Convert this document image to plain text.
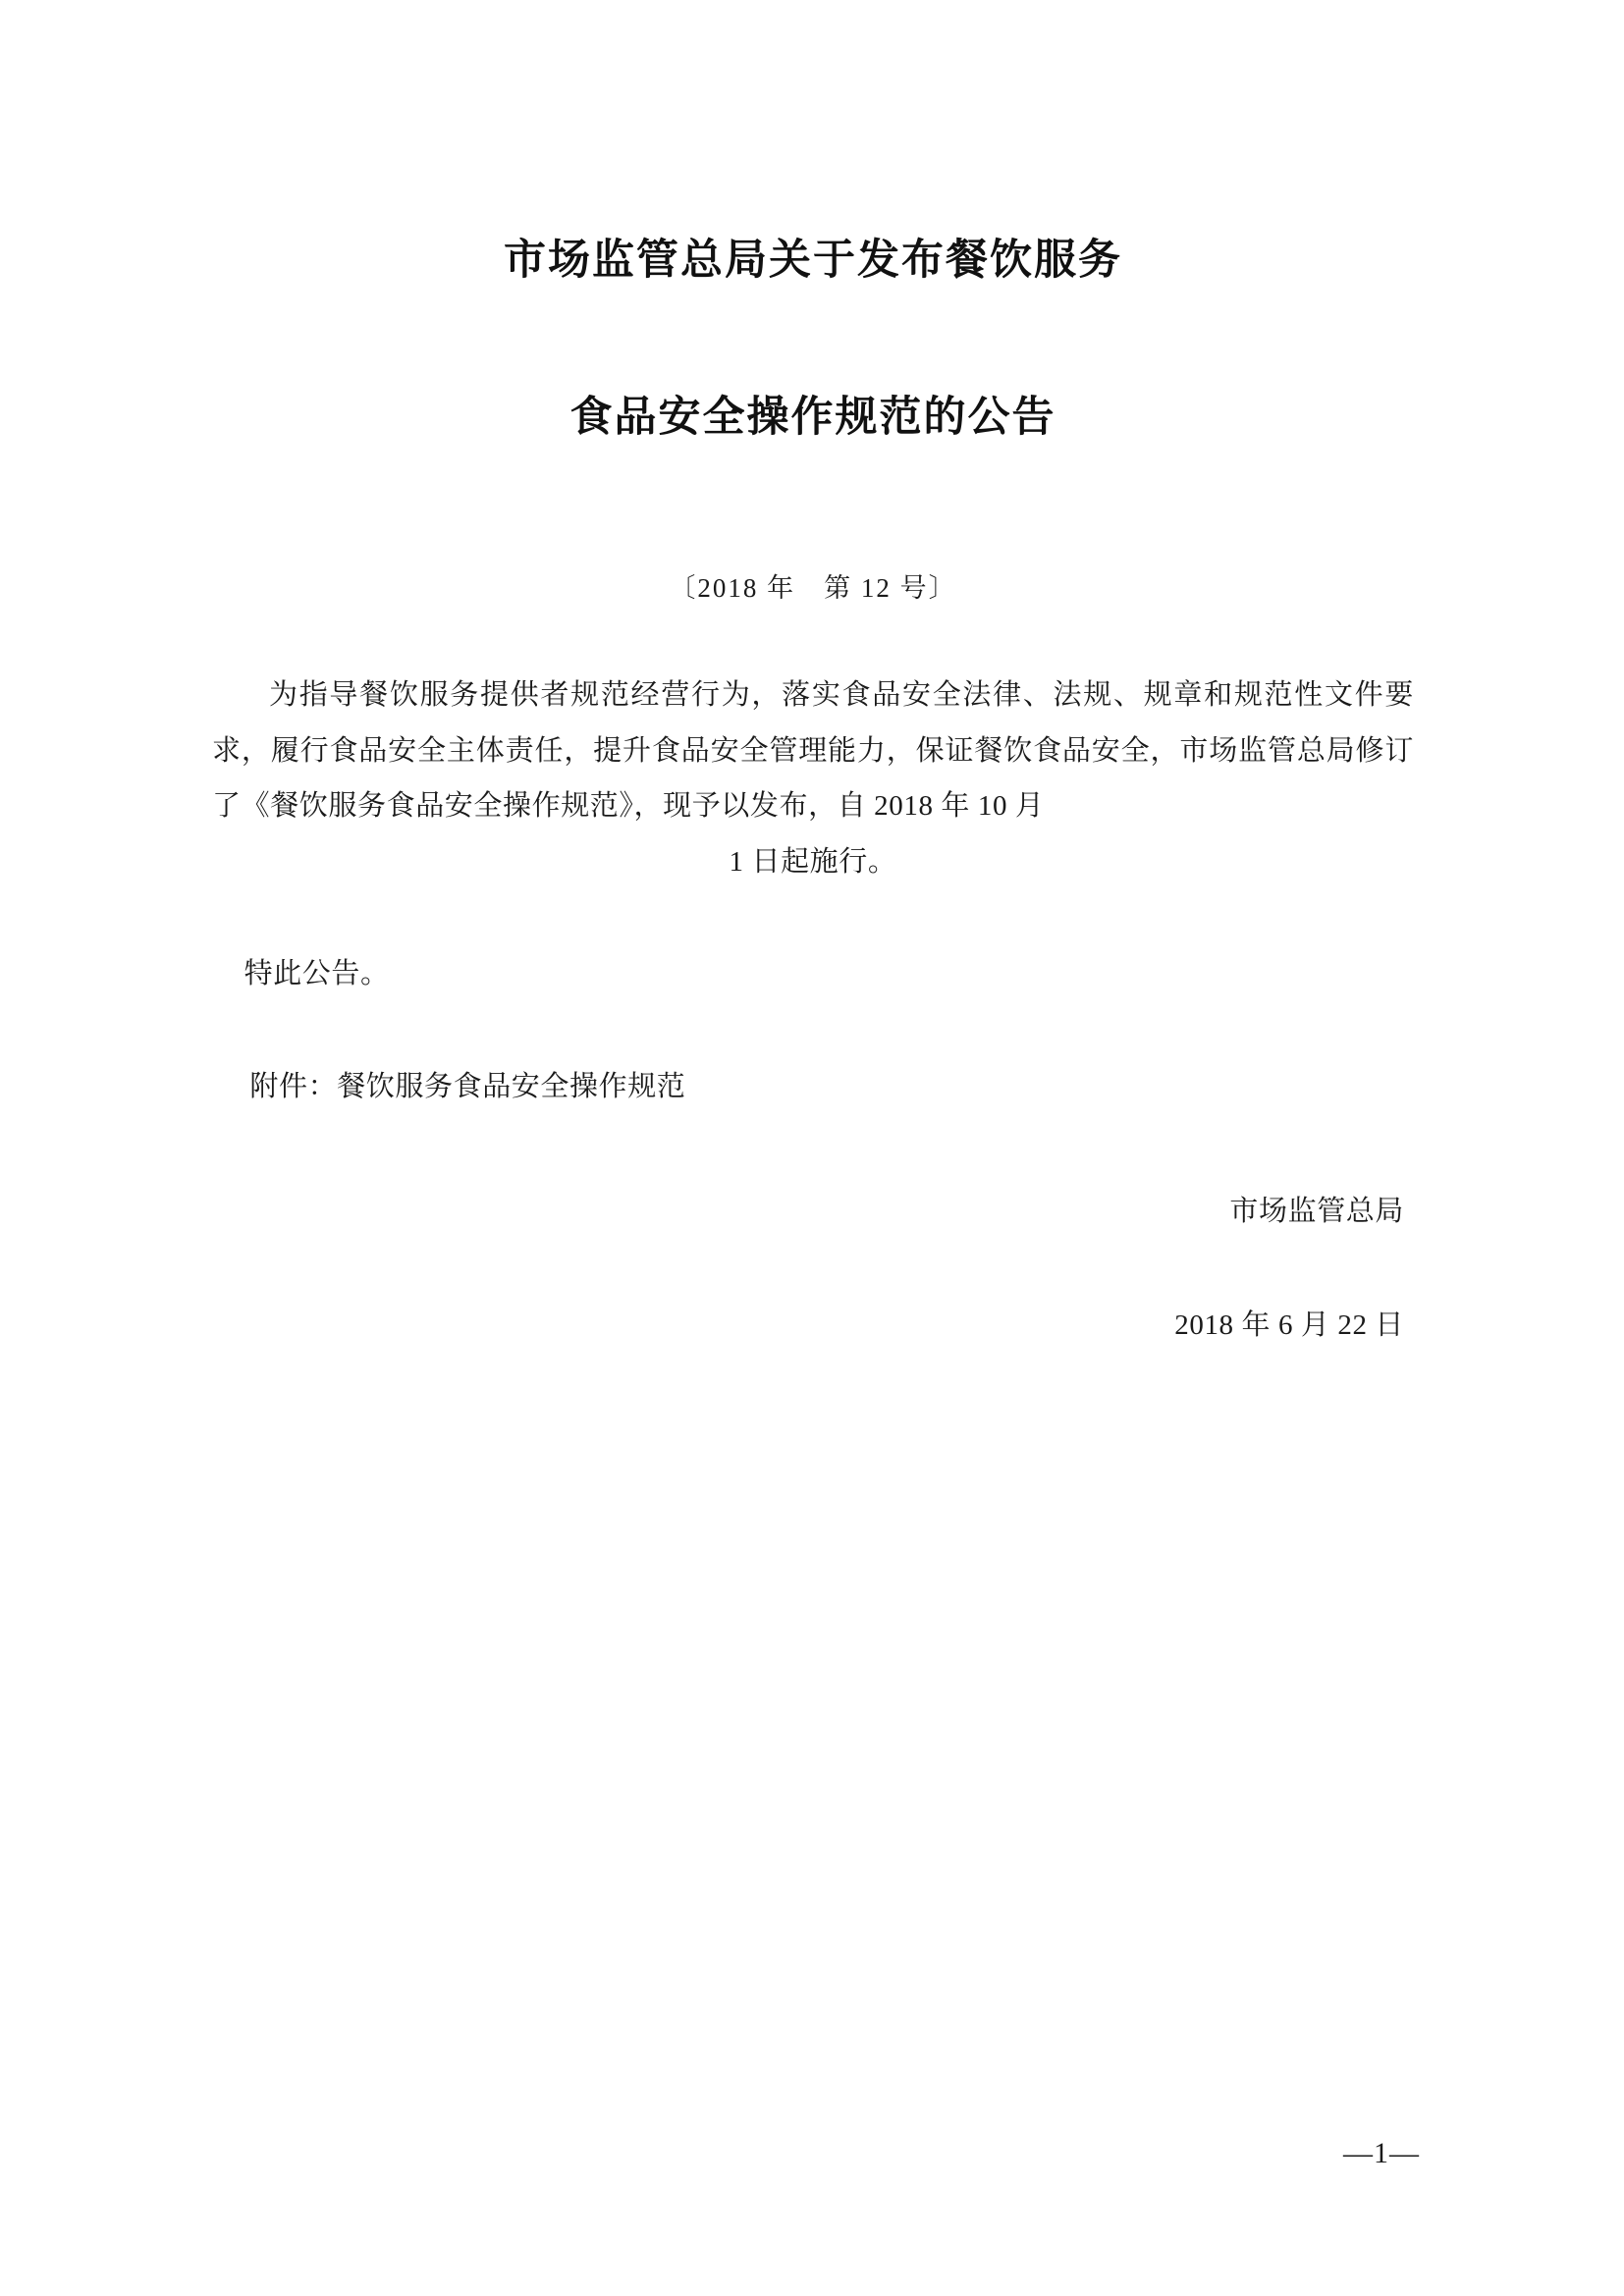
市场监管总局关于发布餐饮服务
食品安全操作规范的公告
〔2018 年　第 12 号〕
为指导餐饮服务提供者规范经营行为，落实食品安全法律、法规、规章和规范性文件要求，履行食品安全主体责任，提升食品安全管理能力，保证餐饮食品安全，市场监管总局修订了《餐饮服务食品安全操作规范》，现予以发布，自 2018 年 10 月
1 日起施行。
特此公告。
附件：餐饮服务食品安全操作规范
市场监管总局
2018 年 6 月 22 日
—1—
